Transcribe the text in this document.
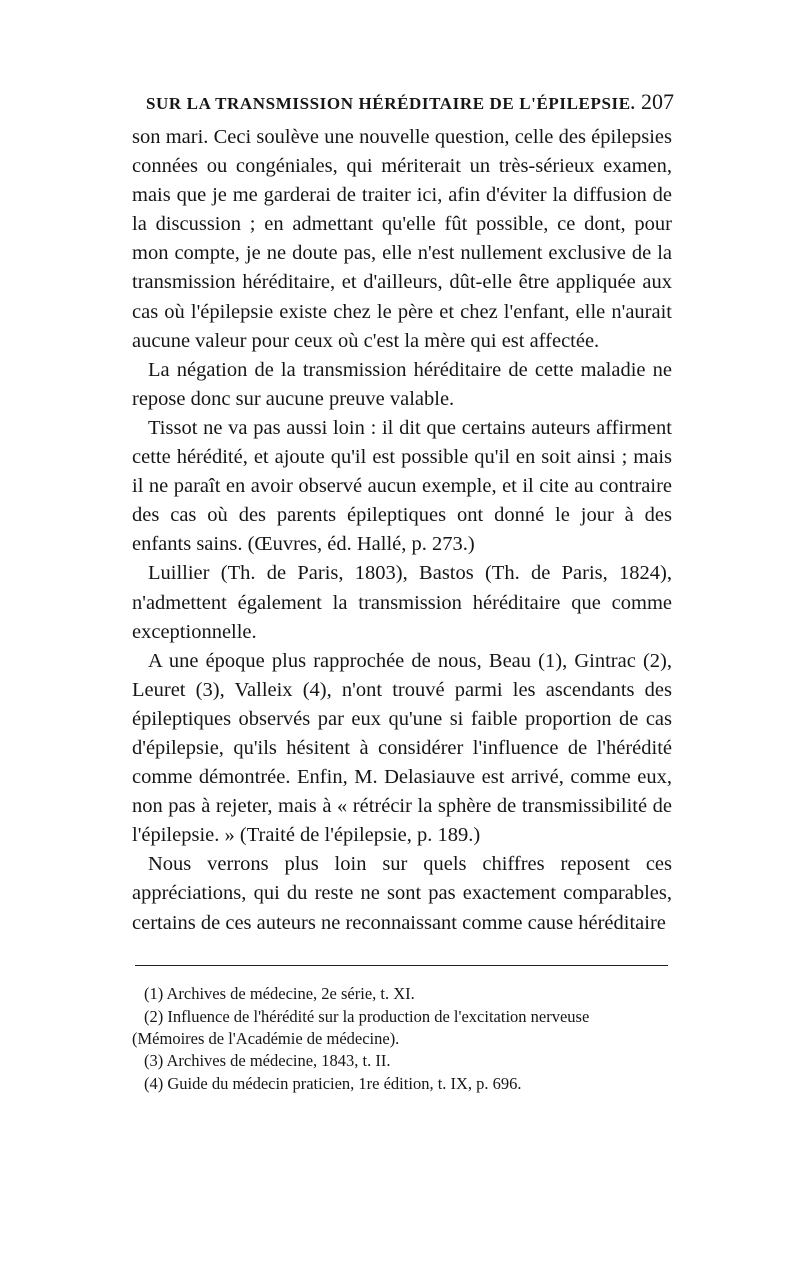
SUR LA TRANSMISSION HÉRÉDITAIRE DE L'ÉPILEPSIE. 207

son mari. Ceci soulève une nouvelle question, celle des épilepsies connées ou congéniales, qui mériterait un très-sérieux examen, mais que je me garderai de traiter ici, afin d'éviter la diffusion de la discussion ; en admettant qu'elle fût possible, ce dont, pour mon compte, je ne doute pas, elle n'est nullement exclusive de la transmission héréditaire, et d'ailleurs, dût-elle être appliquée aux cas où l'épilepsie existe chez le père et chez l'enfant, elle n'aurait aucune valeur pour ceux où c'est la mère qui est affectée.

La négation de la transmission héréditaire de cette maladie ne repose donc sur aucune preuve valable.

Tissot ne va pas aussi loin : il dit que certains auteurs affirment cette hérédité, et ajoute qu'il est possible qu'il en soit ainsi ; mais il ne paraît en avoir observé aucun exemple, et il cite au contraire des cas où des parents épileptiques ont donné le jour à des enfants sains. (Œuvres, éd. Hallé, p. 273.)

Luillier (Th. de Paris, 1803), Bastos (Th. de Paris, 1824), n'admettent également la transmission héréditaire que comme exceptionnelle.

A une époque plus rapprochée de nous, Beau (1), Gintrac (2), Leuret (3), Valleix (4), n'ont trouvé parmi les ascendants des épileptiques observés par eux qu'une si faible proportion de cas d'épilepsie, qu'ils hésitent à considérer l'influence de l'hérédité comme démontrée. Enfin, M. Delasiauve est arrivé, comme eux, non pas à rejeter, mais à « rétrécir la sphère de transmissibilité de l'épilepsie. » (Traité de l'épilepsie, p. 189.)

Nous verrons plus loin sur quels chiffres reposent ces appréciations, qui du reste ne sont pas exactement comparables, certains de ces auteurs ne reconnaissant comme cause héréditaire

(1) Archives de médecine, 2e série, t. XI.

(2) Influence de l'hérédité sur la production de l'excitation nerveuse

(Mémoires de l'Académie de médecine).

(3) Archives de médecine, 1843, t. II.

(4) Guide du médecin praticien, 1re édition, t. IX, p. 696.
